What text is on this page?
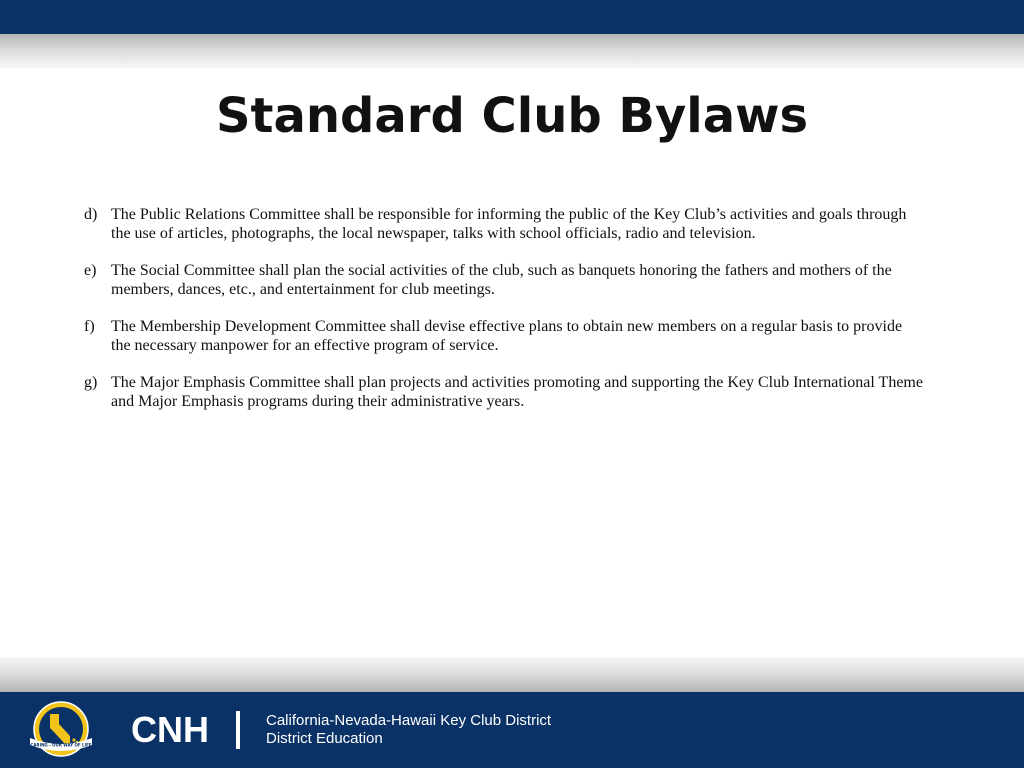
Standard Club Bylaws
d) The Public Relations Committee shall be responsible for informing the public of the Key Club’s activities and goals through the use of articles, photographs, the local newspaper, talks with school officials, radio and television.
e) The Social Committee shall plan the social activities of the club, such as banquets honoring the fathers and mothers of the members, dances, etc., and entertainment for club meetings.
f) The Membership Development Committee shall devise effective plans to obtain new members on a regular basis to provide the necessary manpower for an effective program of service.
g) The Major Emphasis Committee shall plan projects and activities promoting and supporting the Key Club International Theme and Major Emphasis programs during their administrative years.
CARING - OUR WAY OF LIFE CNH	California-Nevada-Hawaii Key Club District
District Education
